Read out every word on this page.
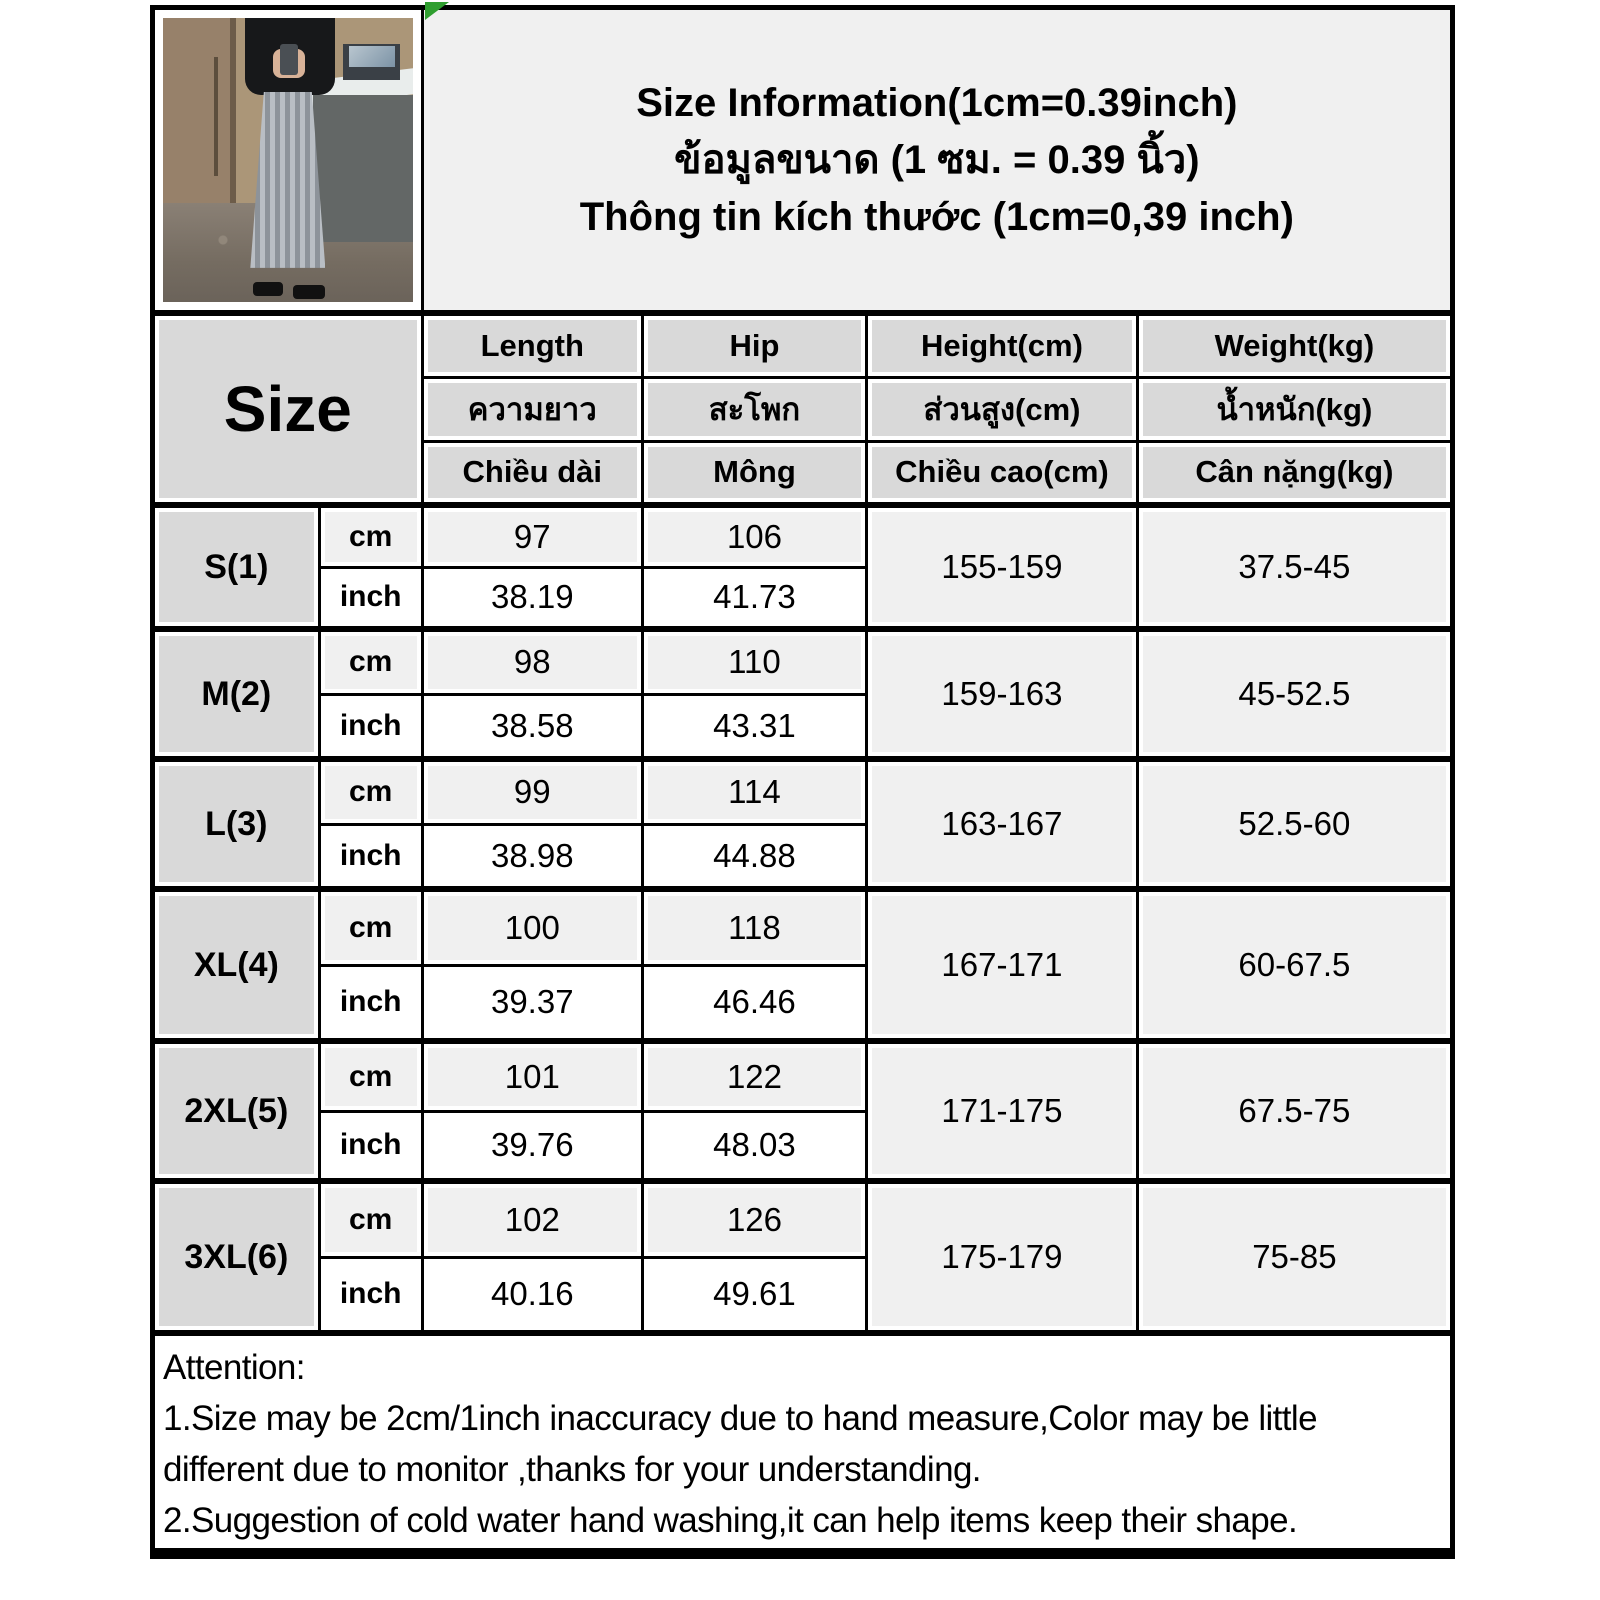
		Size Information(1cm=0.39inch)
ข้อมูลขนาด (1 ซม. = 0.39 นิ้ว)
Thông tin kích thước (1cm=0,39 inch)			

Size		Length	Hip	Height(cm)	Weight(kg)
		ความยาว	สะโพก	ส่วนสูง(cm)	น้ำหนัก(kg)
		Chiều dài	Mông	Chiều cao(cm)	Cân nặng(kg)
S(1)	cm	97	106	155-159	37.5-45
	inch	38.19	41.73		
M(2)	cm	98	110	159-163	45-52.5
	inch	38.58	43.31		
L(3)	cm	99	114	163-167	52.5-60
	inch	38.98	44.88		
XL(4)	cm	100	118	167-171	60-67.5
	inch	39.37	46.46		
2XL(5)	cm	101	122	171-175	67.5-75
	inch	39.76	48.03		
3XL(6)	cm	102	126	175-179	75-85
	inch	40.16	49.61		

Attention:
1.Size may be 2cm/1inch inaccuracy due to hand measure,Color may be little
different due to monitor ,thanks for your understanding.
2.Suggestion of cold water hand washing,it can help items keep their shape.					
